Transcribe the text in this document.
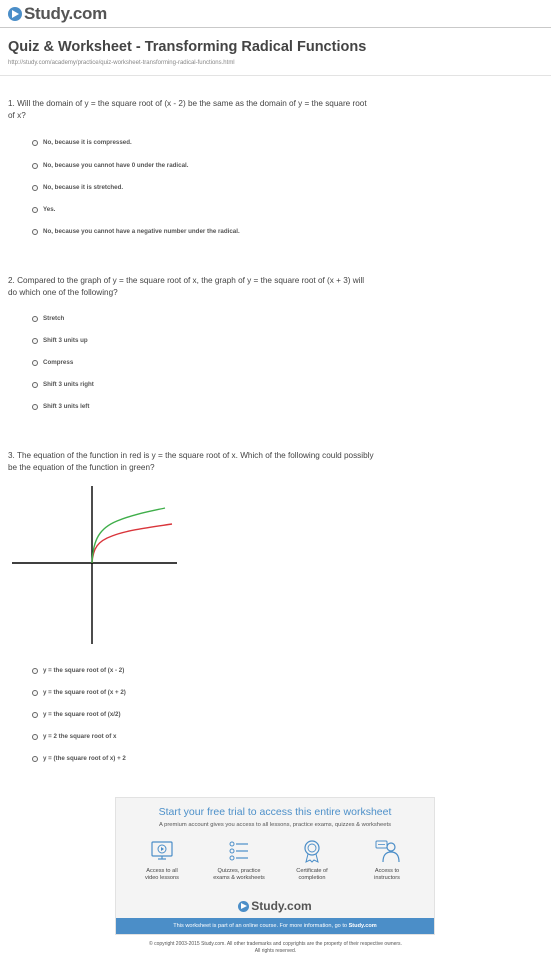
Study.com
Quiz & Worksheet - Transforming Radical Functions
http://study.com/academy/practice/quiz-worksheet-transforming-radical-functions.html
1. Will the domain of y = the square root of (x - 2) be the same as the domain of y = the square root
of x?
No, because it is compressed.
No, because you cannot have 0 under the radical.
No, because it is stretched.
Yes.
No, because you cannot have a negative number under the radical.
2. Compared to the graph of y = the square root of x, the graph of y = the square root of (x + 3) will
do which one of the following?
Stretch
Shift 3 units up
Compress
Shift 3 units right
Shift 3 units left
3. The equation of the function in red is y = the square root of x. Which of the following could possibly
be the equation of the function in green?
y = the square root of (x - 2)
y = the square root of (x + 2)
y = the square root of (x/2)
y = 2 the square root of x
y = (the square root of x) + 2
Start your free trial to access this entire worksheet
A premium account gives you access to all lessons, practice exams, quizzes & worksheets
Access to all
video lessons
Quizzes, practice
exams & worksheets
Certificate of
completion
Access to
instructors
Study.com
This worksheet is part of an online course. For more information, go to Study.com
© copyright 2003-2015 Study.com. All other trademarks and copyrights are the property of their respective owners.
All rights reserved.
